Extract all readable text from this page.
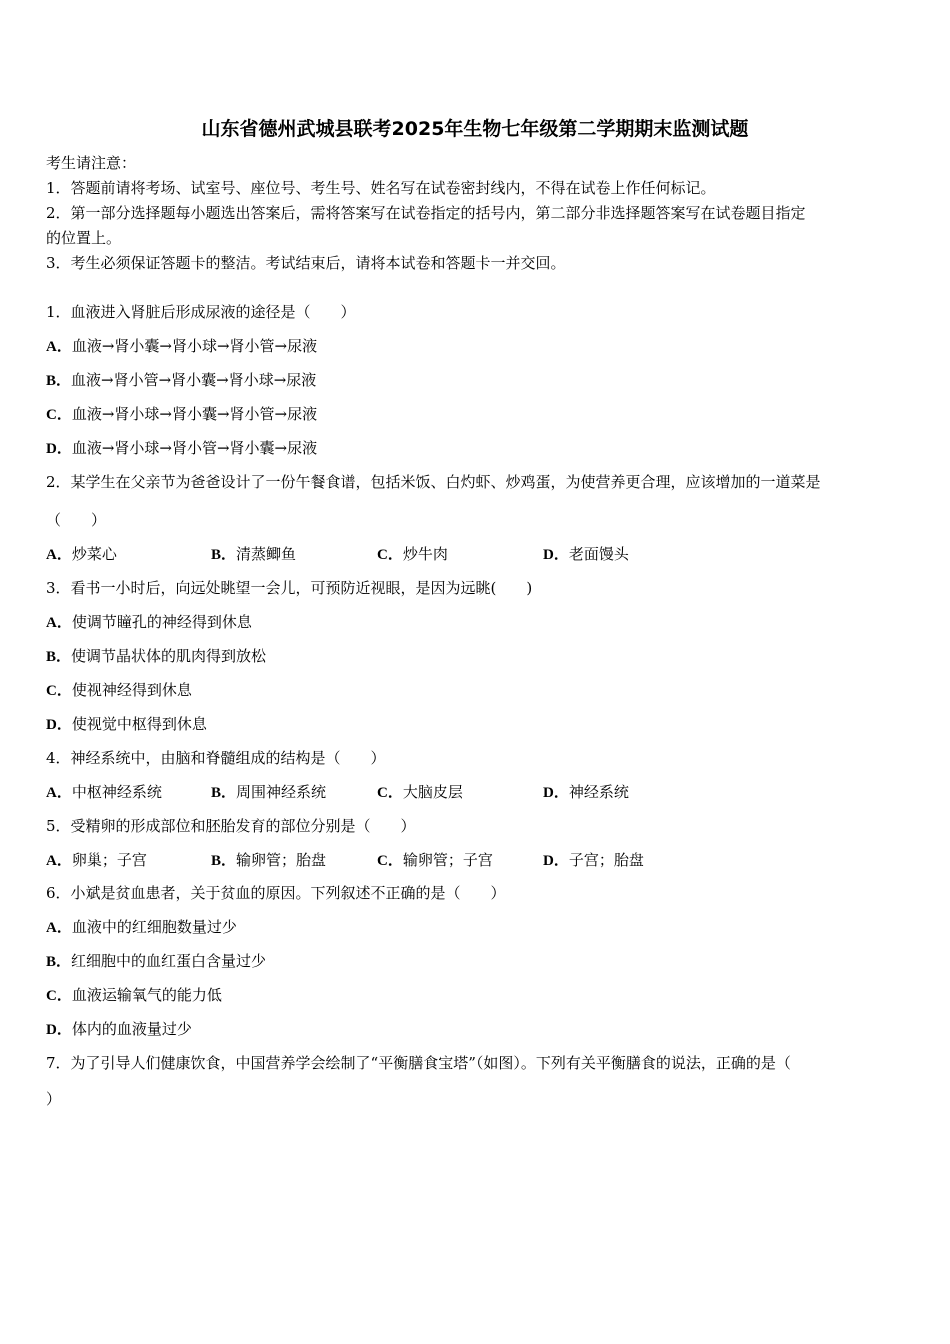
山东省德州武城县联考2025年生物七年级第二学期期末监测试题
考生请注意：
1．答题前请将考场、试室号、座位号、考生号、姓名写在试卷密封线内，不得在试卷上作任何标记。
2．第一部分选择题每小题选出答案后，需将答案写在试卷指定的括号内，第二部分非选择题答案写在试卷题目指定
的位置上。
3．考生必须保证答题卡的整洁。考试结束后，请将本试卷和答题卡一并交回。
1．血液进入肾脏后形成尿液的途径是（　　）
A．血液→肾小囊→肾小球→肾小管→尿液
B．血液→肾小管→肾小囊→肾小球→尿液
C．血液→肾小球→肾小囊→肾小管→尿液
D．血液→肾小球→肾小管→肾小囊→尿液
2．某学生在父亲节为爸爸设计了一份午餐食谱，包括米饭、白灼虾、炒鸡蛋，为使营养更合理，应该增加的一道菜是
（　　）
A．炒菜心	B．清蒸鲫鱼	C．炒牛肉	D．老面馒头
3．看书一小时后，向远处眺望一会儿，可预防近视眼，是因为远眺(　　)
A．使调节瞳孔的神经得到休息
B．使调节晶状体的肌肉得到放松
C．使视神经得到休息
D．使视觉中枢得到休息
4．神经系统中，由脑和脊髓组成的结构是（　　）
A．中枢神经系统	B．周围神经系统	C．大脑皮层	D．神经系统
5．受精卵的形成部位和胚胎发育的部位分别是（　　）
A．卵巢；子宫	B．输卵管；胎盘	C．输卵管；子宫	D．子宫；胎盘
6．小斌是贫血患者，关于贫血的原因。下列叙述不正确的是（　　）
A．血液中的红细胞数量过少
B．红细胞中的血红蛋白含量过少
C．血液运输氧气的能力低
D．体内的血液量过少
7．为了引导人们健康饮食，中国营养学会绘制了“平衡膳食宝塔”（如图）。下列有关平衡膳食的说法，正确的是（
）
